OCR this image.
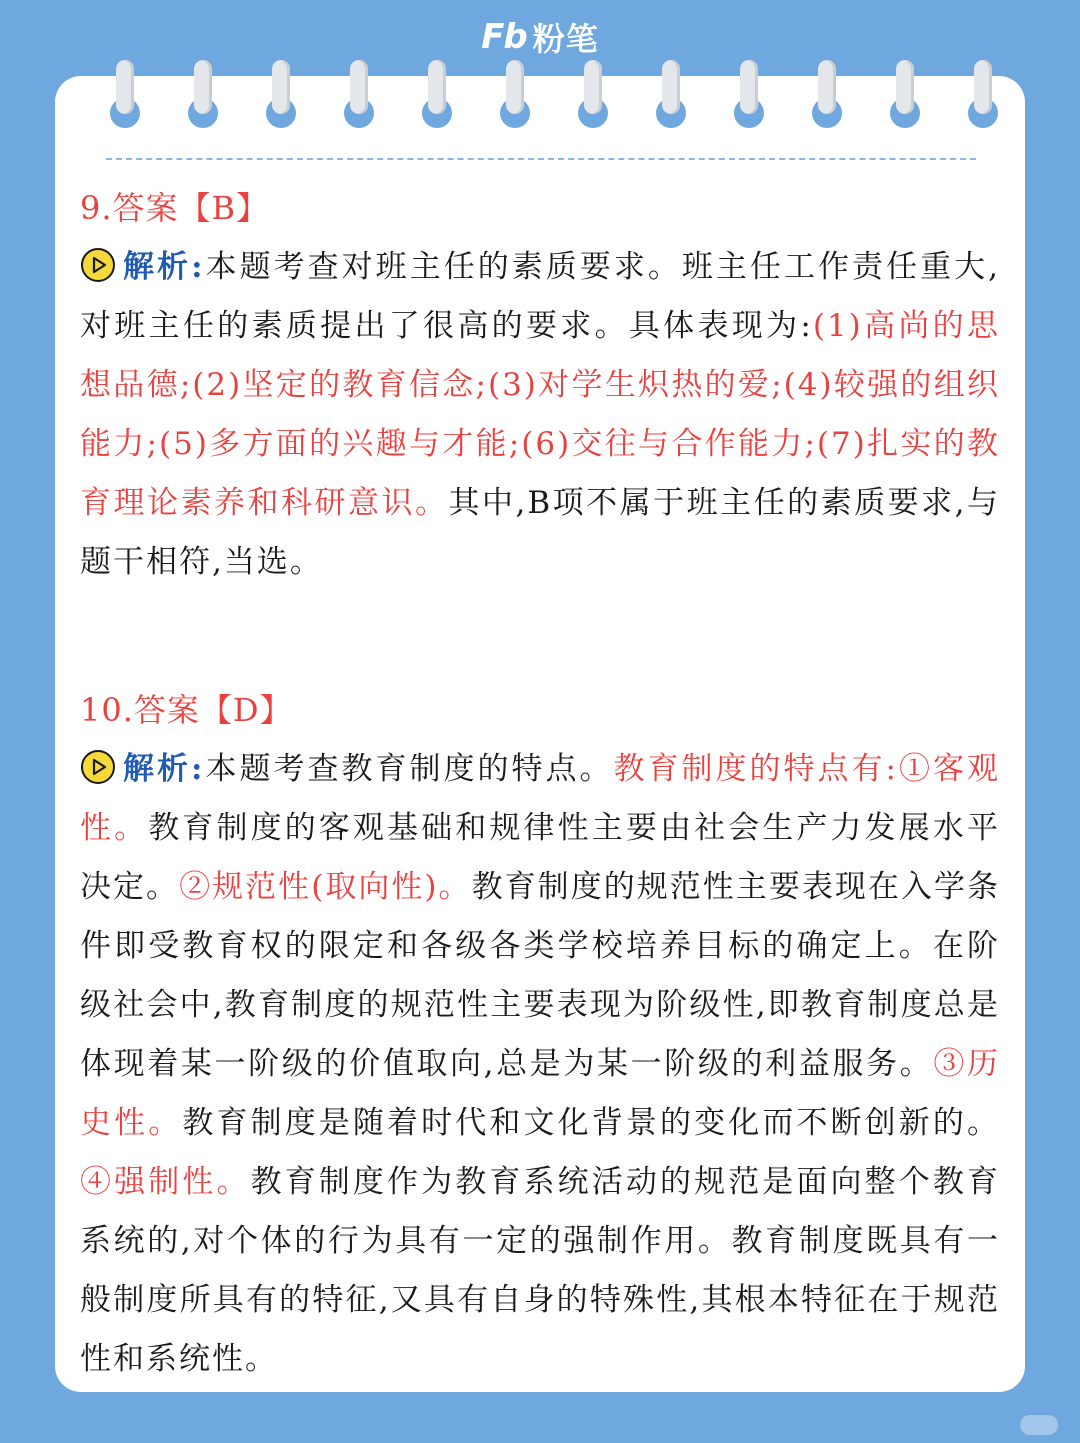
Fb 粉笔
9.答案【B】
解析:本题考查对班主任的素质要求。班主任工作责任重大,对班主任的素质提出了很高的要求。具体表现为:(1)高尚的思想品德;(2)坚定的教育信念;(3)对学生炽热的爱;(4)较强的组织能力;(5)多方面的兴趣与才能;(6)交往与合作能力;(7)扎实的教育理论素养和科研意识。其中,B项不属于班主任的素质要求,与题干相符,当选。
10.答案【D】
解析:本题考查教育制度的特点。教育制度的特点有:①客观性。教育制度的客观基础和规律性主要由社会生产力发展水平决定。②规范性(取向性)。教育制度的规范性主要表现在入学条件即受教育权的限定和各级各类学校培养目标的确定上。在阶级社会中,教育制度的规范性主要表现为阶级性,即教育制度总是体现着某一阶级的价值取向,总是为某一阶级的利益服务。③历史性。教育制度是随着时代和文化背景的变化而不断创新的。④强制性。教育制度作为教育系统活动的规范是面向整个教育系统的,对个体的行为具有一定的强制作用。教育制度既具有一般制度所具有的特征,又具有自身的特殊性,其根本特征在于规范性和系统性。
